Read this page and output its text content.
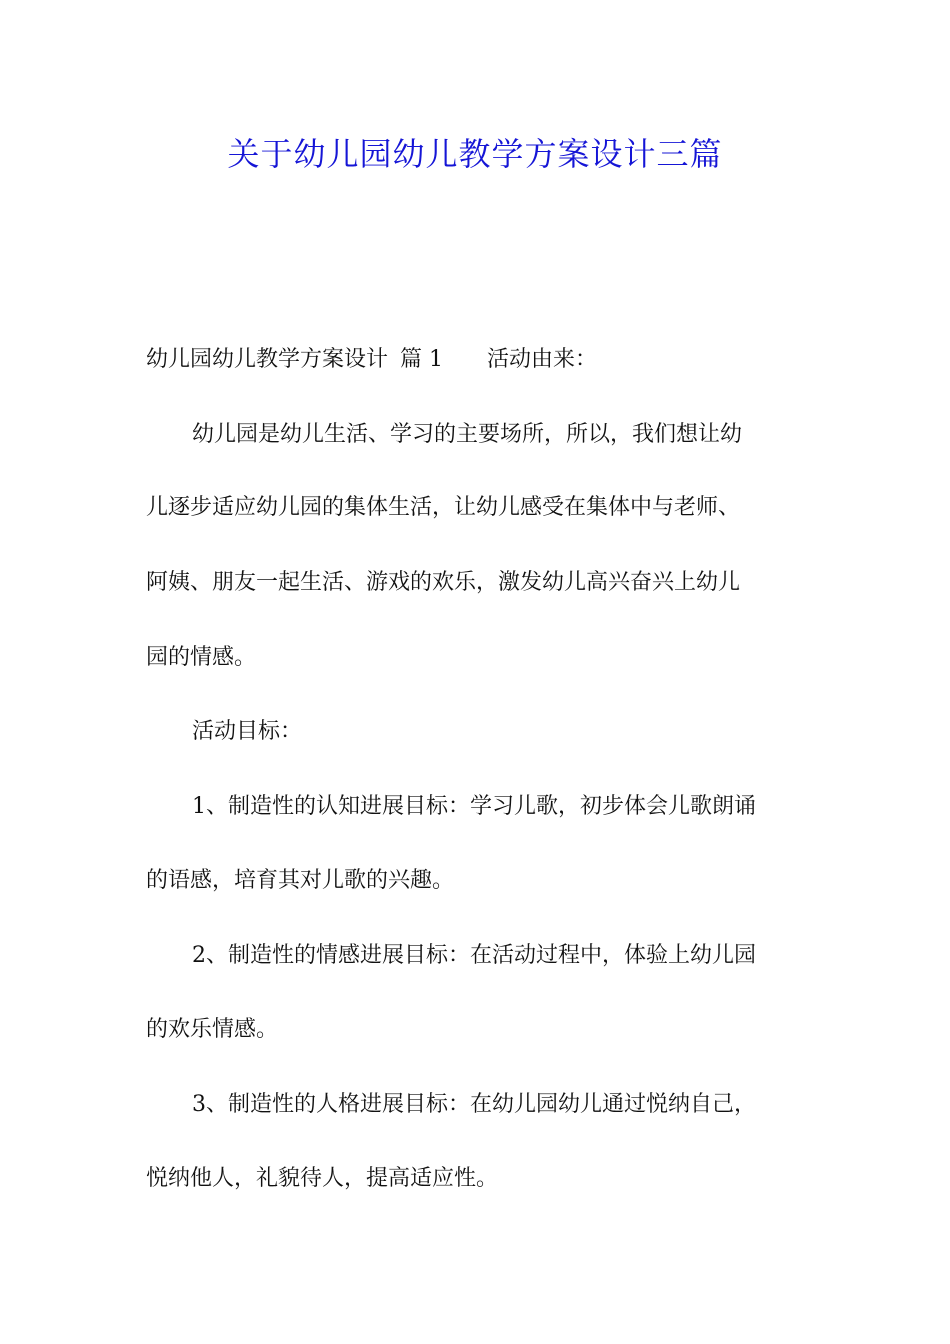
关于幼儿园幼儿教学方案设计三篇

幼儿园幼儿教学方案设计 篇 1 活动由来：

幼儿园是幼儿生活、学习的主要场所，所以，我们想让幼

儿逐步适应幼儿园的集体生活，让幼儿感受在集体中与老师、

阿姨、朋友一起生活、游戏的欢乐，激发幼儿高兴奋兴上幼儿

园的情感。

活动目标：

1、制造性的认知进展目标：学习儿歌，初步体会儿歌朗诵

的语感，培育其对儿歌的兴趣。

2、制造性的情感进展目标：在活动过程中，体验上幼儿园

的欢乐情感。

3、制造性的人格进展目标：在幼儿园幼儿通过悦纳自己，

悦纳他人，礼貌待人，提高适应性。
